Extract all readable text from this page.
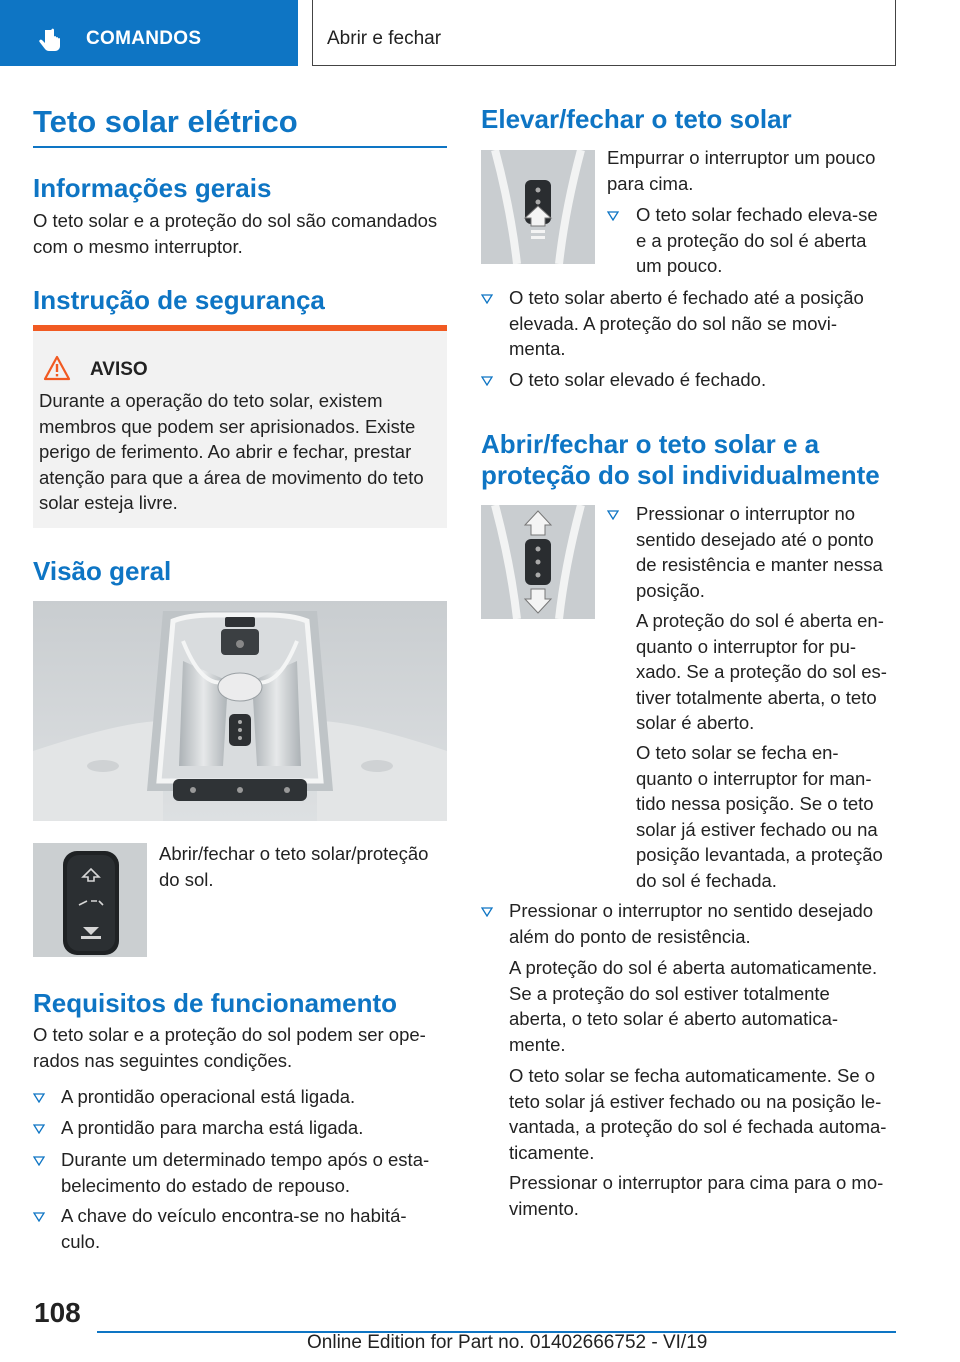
COMANDOS	Abrir e fechar
Teto solar elétrico
Informações gerais
O teto solar e a proteção do sol são comandados
com o mesmo interruptor.
Instrução de segurança
AVISO
Durante a operação do teto solar, existem
membros que podem ser aprisionados. Existe
perigo de ferimento. Ao abrir e fechar, prestar
atenção para que a área de movimento do teto
solar esteja livre.
Visão geral
Abrir/fechar o teto solar/proteção
do sol.
Requisitos de funcionamento
O teto solar e a proteção do sol podem ser ope-
rados nas seguintes condições.
A prontidão operacional está ligada.
A prontidão para marcha está ligada.
Durante um determinado tempo após o esta-
belecimento do estado de repouso.
A chave do veículo encontra-se no habitá-
culo.
Elevar/fechar o teto solar
Empurrar o interruptor um pouco
para cima.
O teto solar fechado eleva-se
e a proteção do sol é aberta
um pouco.
O teto solar aberto é fechado até a posição
elevada. A proteção do sol não se movi-
menta.
O teto solar elevado é fechado.
Abrir/fechar o teto solar e a
proteção do sol individualmente
Pressionar o interruptor no
sentido desejado até o ponto
de resistência e manter nessa
posição.
A proteção do sol é aberta en-
quanto o interruptor for pu-
xado. Se a proteção do sol es-
tiver totalmente aberta, o teto
solar é aberto.
O teto solar se fecha en-
quanto o interruptor for man-
tido nessa posição. Se o teto
solar já estiver fechado ou na
posição levantada, a proteção
do sol é fechada.
Pressionar o interruptor no sentido desejado
além do ponto de resistência.
A proteção do sol é aberta automaticamente.
Se a proteção do sol estiver totalmente
aberta, o teto solar é aberto automatica-
mente.
O teto solar se fecha automaticamente. Se o
teto solar já estiver fechado ou na posição le-
vantada, a proteção do sol é fechada automa-
ticamente.
Pressionar o interruptor para cima para o mo-
vimento.
108
Online Edition for Part no. 01402666752 - VI/19
